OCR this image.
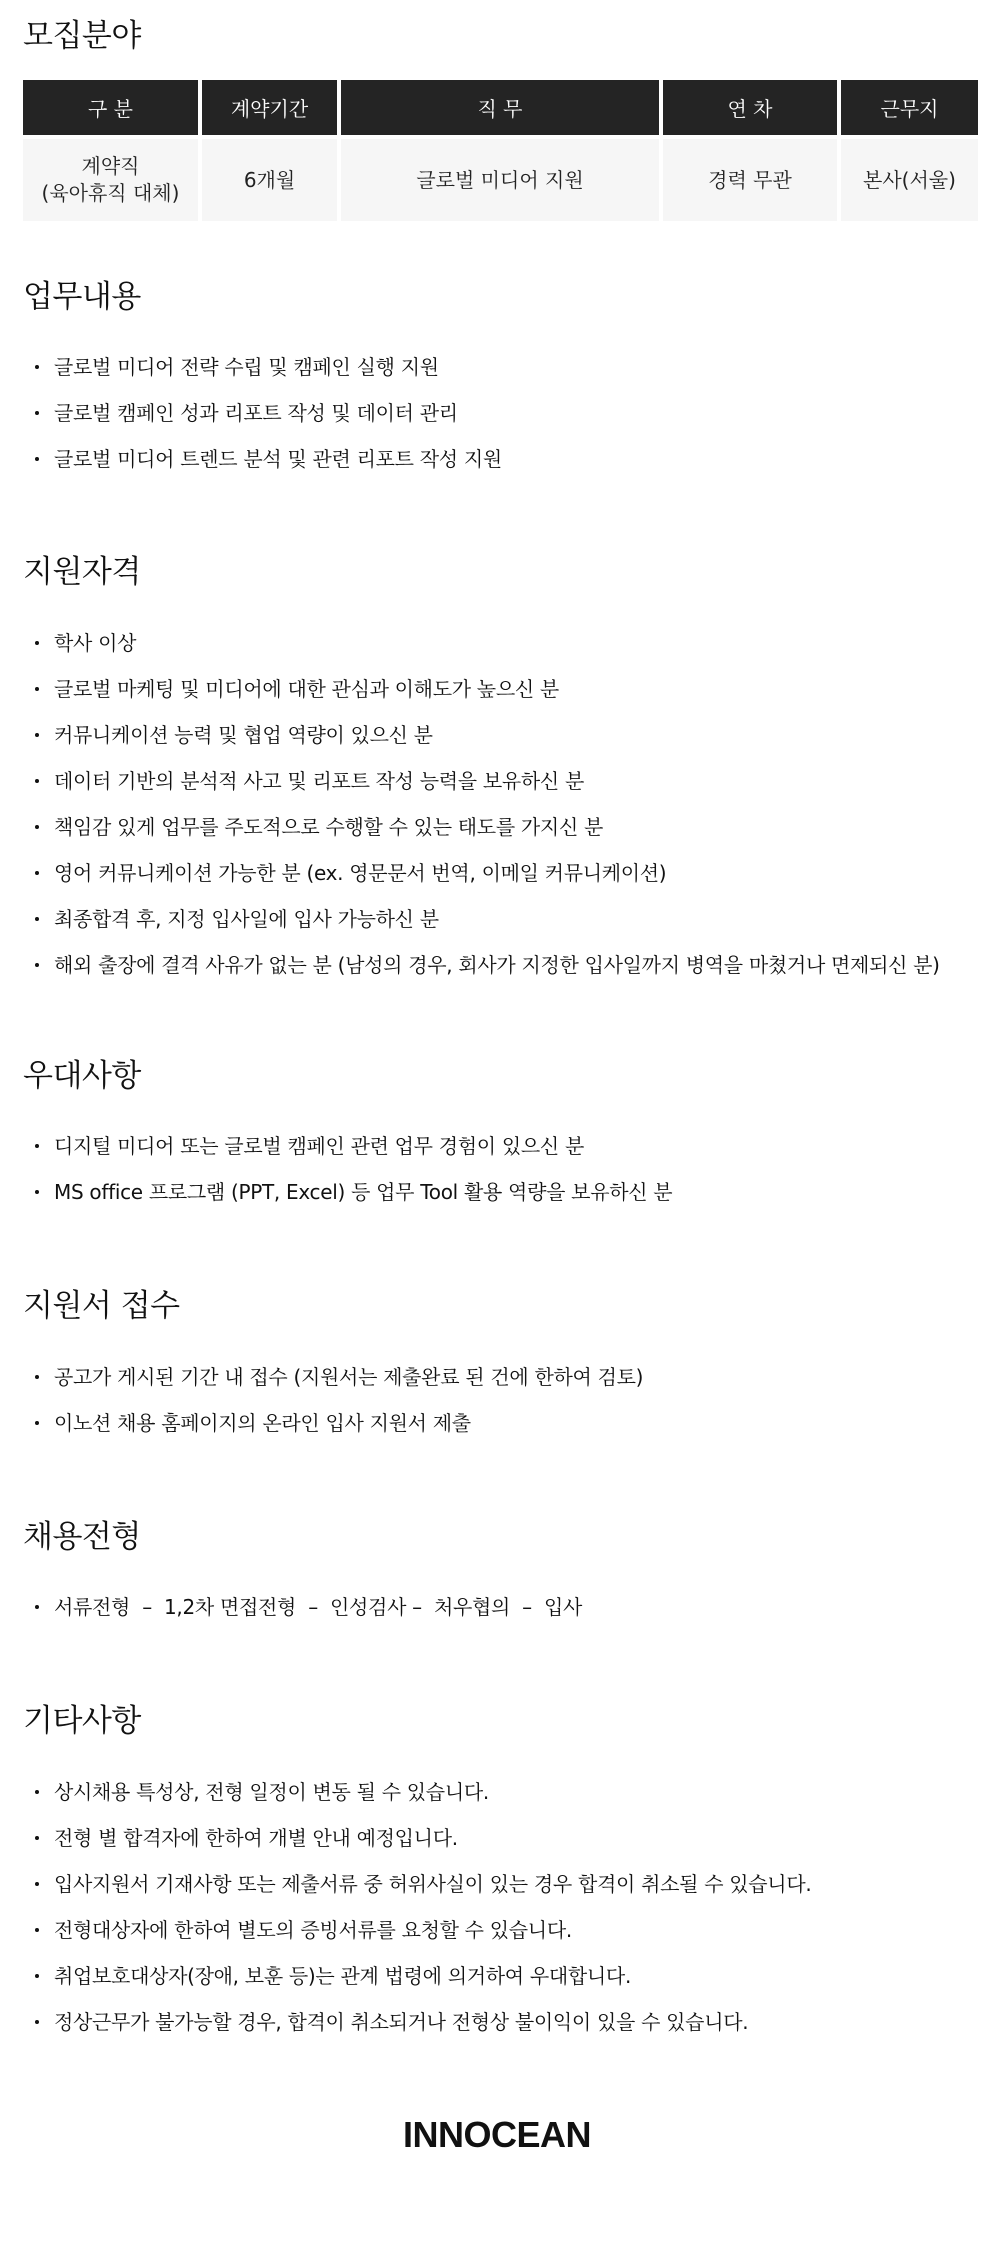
모집분야
구 분	계약기간	직 무	연 차	근무지
계약직
(육아휴직 대체)	6개월	글로벌 미디어 지원	경력 무관	본사(서울)
업무내용
글로벌 미디어 전략 수립 및 캠페인 실행 지원
글로벌 캠페인 성과 리포트 작성 및 데이터 관리
글로벌 미디어 트렌드 분석 및 관련 리포트 작성 지원
지원자격
학사 이상
글로벌 마케팅 및 미디어에 대한 관심과 이해도가 높으신 분
커뮤니케이션 능력 및 협업 역량이 있으신 분
데이터 기반의 분석적 사고 및 리포트 작성 능력을 보유하신 분
책임감 있게 업무를 주도적으로 수행할 수 있는 태도를 가지신 분
영어 커뮤니케이션 가능한 분 (ex. 영문문서 번역, 이메일 커뮤니케이션)
최종합격 후, 지정 입사일에 입사 가능하신 분
해외 출장에 결격 사유가 없는 분 (남성의 경우, 회사가 지정한 입사일까지 병역을 마쳤거나 면제되신 분)
우대사항
디지털 미디어 또는 글로벌 캠페인 관련 업무 경험이 있으신 분
MS office 프로그램 (PPT, Excel) 등 업무 Tool 활용 역량을 보유하신 분
지원서 접수
공고가 게시된 기간 내 접수 (지원서는 제출완료 된 건에 한하여 검토)
이노션 채용 홈페이지의 온라인 입사 지원서 제출
채용전형
서류전형  –  1,2차 면접전형  –  인성검사 –  처우협의  –  입사
기타사항
상시채용 특성상, 전형 일정이 변동 될 수 있습니다.
전형 별 합격자에 한하여 개별 안내 예정입니다.
입사지원서 기재사항 또는 제출서류 중 허위사실이 있는 경우 합격이 취소될 수 있습니다.
전형대상자에 한하여 별도의 증빙서류를 요청할 수 있습니다.
취업보호대상자(장애, 보훈 등)는 관계 법령에 의거하여 우대합니다.
정상근무가 불가능할 경우, 합격이 취소되거나 전형상 불이익이 있을 수 있습니다.
INNOCEAN
